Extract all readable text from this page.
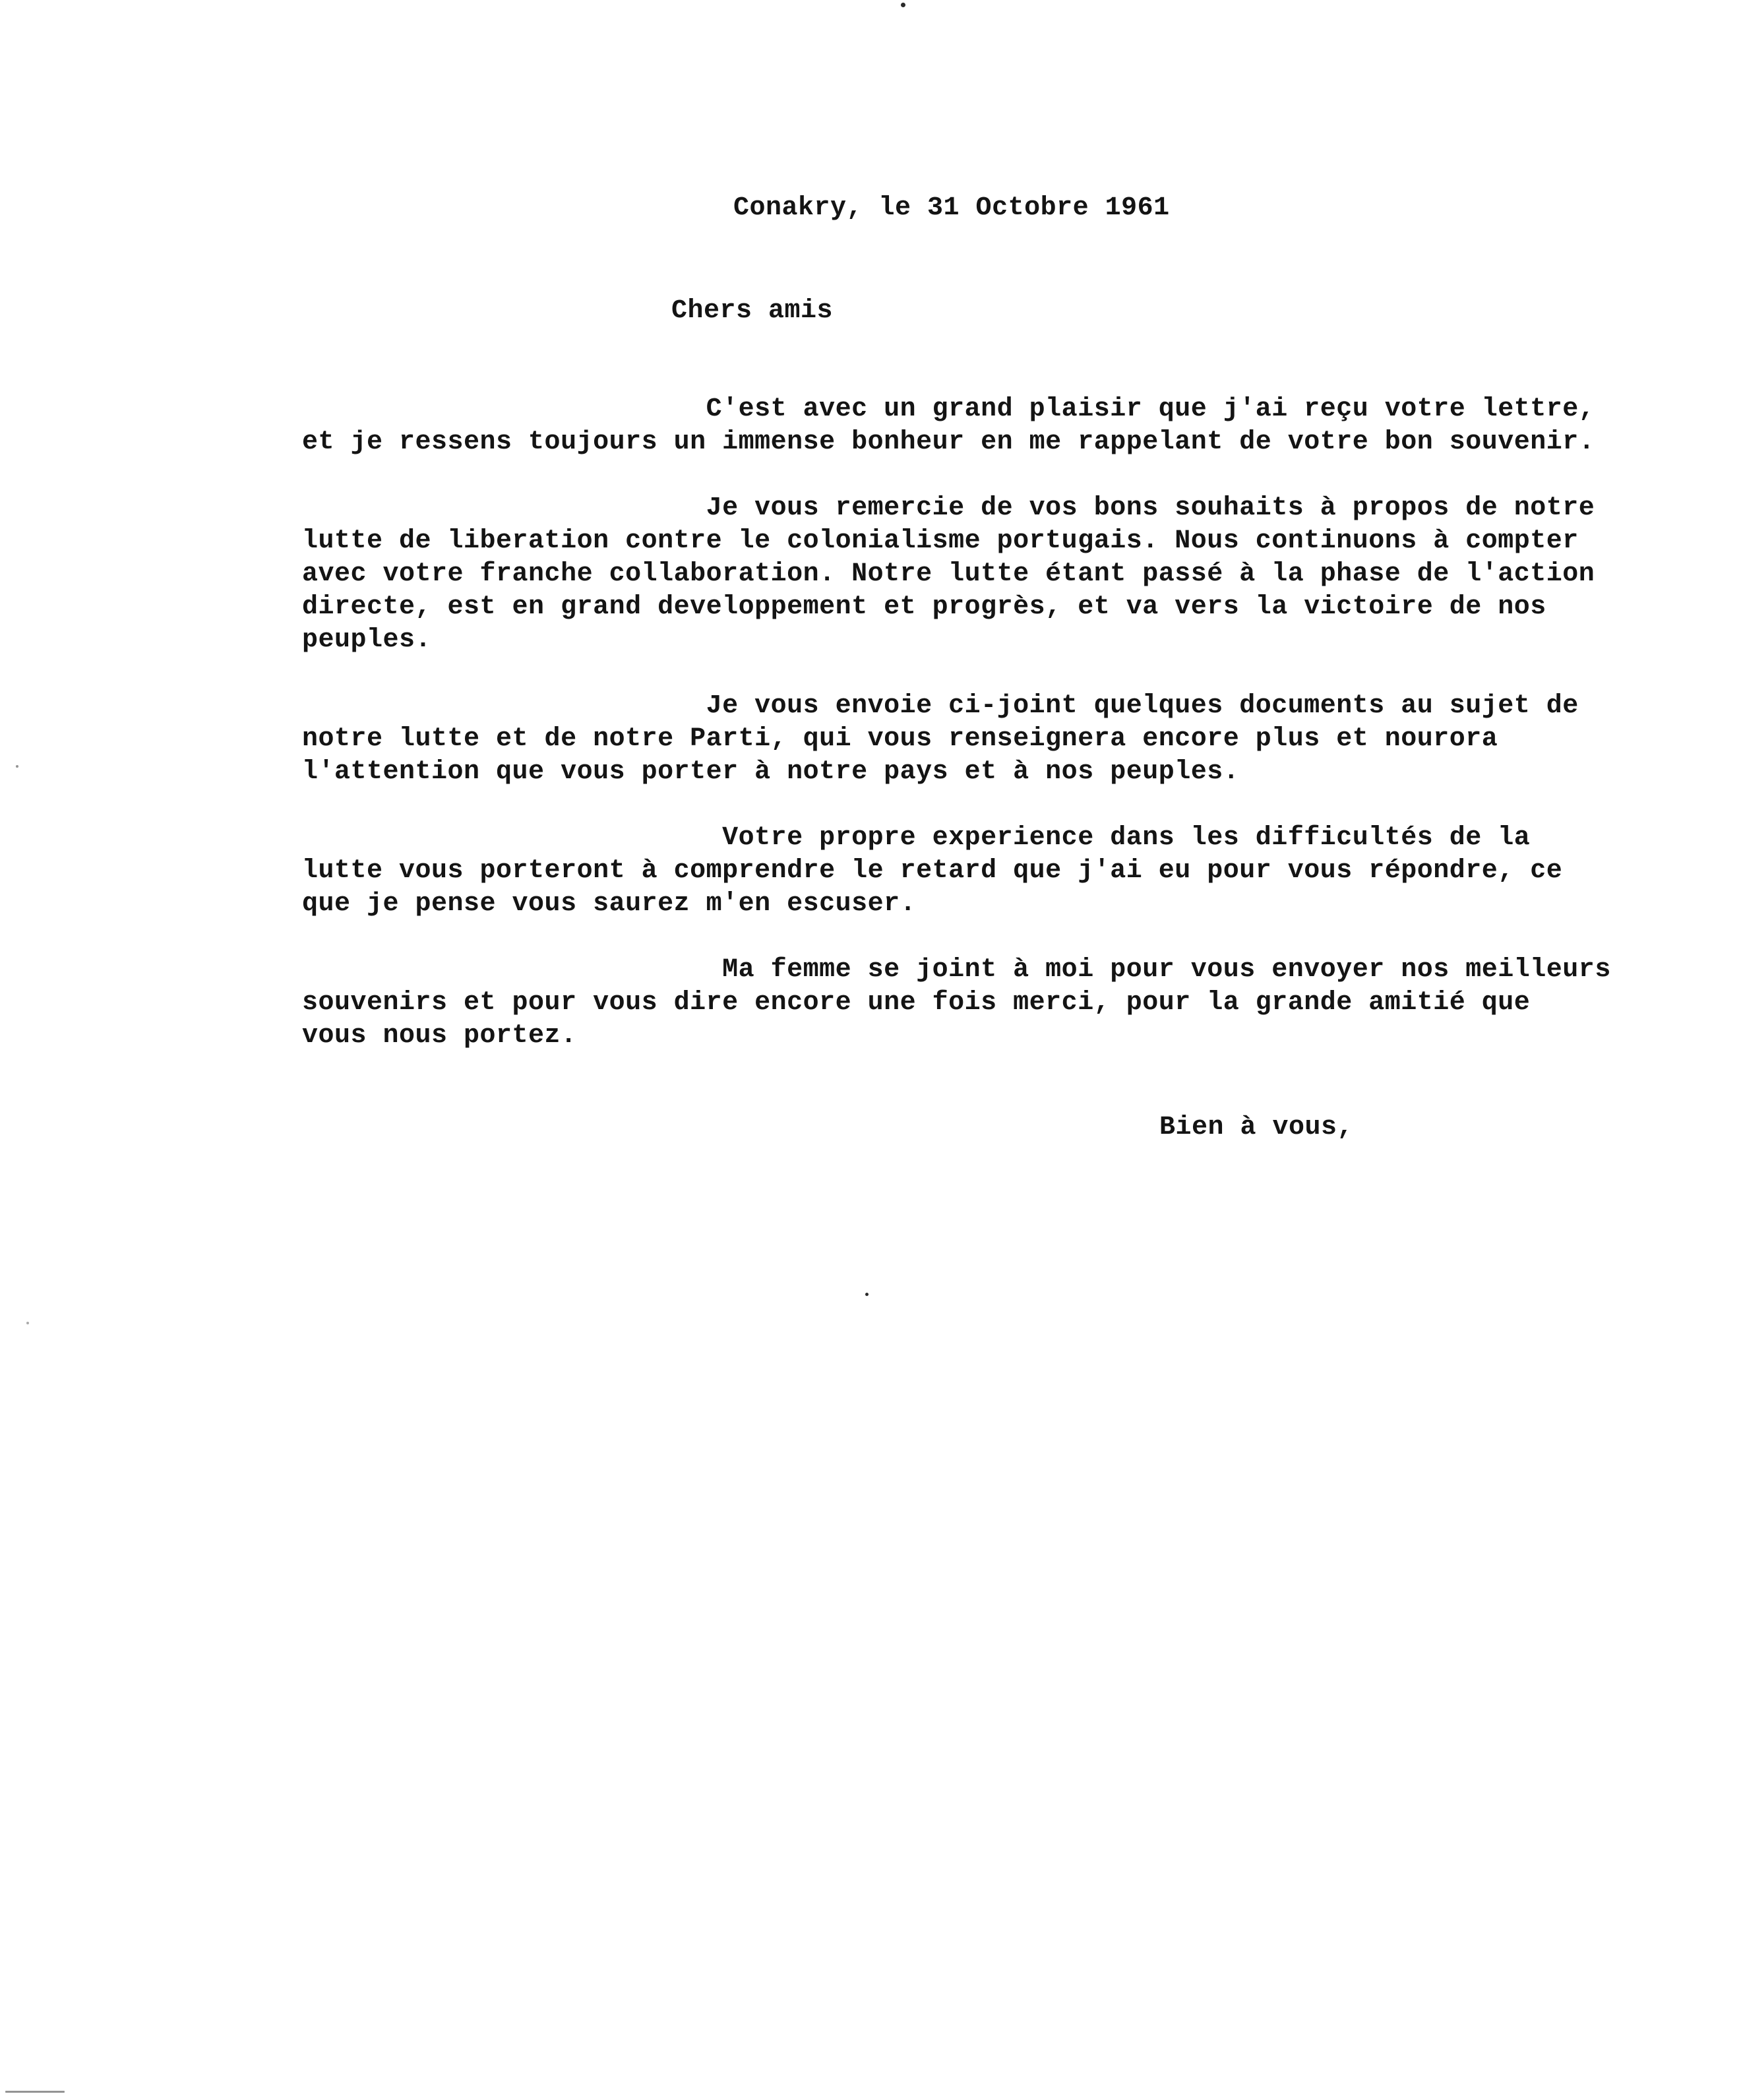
Conakry, le 31 Octobre 1961
Chers amis
C'est avec un grand plaisir que j'ai reçu votre lettre,
et je ressens toujours un immense bonheur en me rappelant de votre bon souvenir.
Je vous remercie de vos bons souhaits à propos de notre
lutte de liberation contre le colonialisme portugais. Nous continuons à compter
avec votre franche collaboration. Notre lutte étant passé à la phase de l'action
directe, est en grand developpement et progrès, et va vers la victoire de nos
peuples.
Je vous envoie ci-joint quelques documents au sujet de
notre lutte et de notre Parti, qui vous renseignera encore plus et nourora
l'attention que vous porter à notre pays et à nos peuples.
Votre propre experience dans les difficultés de la
lutte vous porteront à comprendre le retard que j'ai eu pour vous répondre, ce
que je pense vous saurez m'en escuser.
Ma femme se joint à moi pour vous envoyer nos meilleurs
souvenirs et pour vous dire encore une fois merci, pour la grande amitié que
vous nous portez.
Bien à vous,
